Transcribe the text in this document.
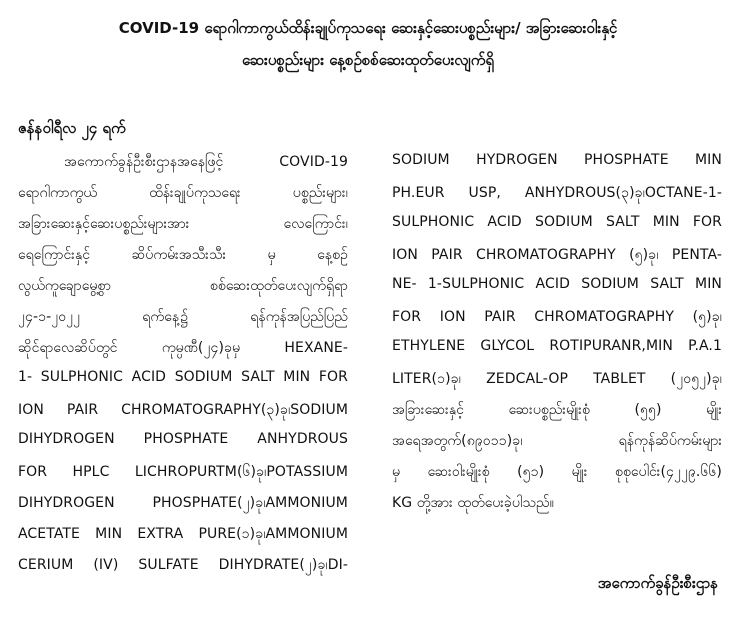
COVID-19 ရောဂါကာကွယ်ထိန်းချုပ်ကုသရေး ဆေးနှင့်ဆေးပစ္စည်းများ/ အခြားဆေးဝါးနှင့်
ဆေးပစ္စည်းများ နေ့စဉ်စစ်ဆေးထုတ်ပေးလျက်ရှိ
ဇန်နဝါရီလ ၂၄ ရက်
အကောက်ခွန်ဦးစီးဌာနအနေဖြင့် COVID-19
ရောဂါကာကွယ် ထိန်းချုပ်ကုသရေး ပစ္စည်းများ၊
အခြားဆေးနှင့်ဆေးပစ္စည်းများအား လေကြောင်း၊
ရေကြောင်းနှင့် ဆိပ်ကမ်းအသီးသီး မှ နေ့စဉ်
လွယ်ကူချောမွေ့စွာ စစ်ဆေးထုတ်ပေးလျက်ရှိရာ
၂၄-၁-၂၀၂၂ ရက်နေ့၌ ရန်ကုန်အပြည်ပြည်
ဆိုင်ရာလေဆိပ်တွင် ကုမ္ပဏီ(၂၄)ခုမှ HEXANE-
1- SULPHONIC ACID SODIUM SALT MIN FOR
ION PAIR CHROMATOGRAPHY(၃)ခု၊SODIUM
DIHYDROGEN PHOSPHATE ANHYDROUS
FOR HPLC LICHROPURTM(၆)ခု၊POTASSIUM
DIHYDROGEN PHOSPHATE(၂)ခု၊AMMONIUM
ACETATE MIN EXTRA PURE(၁)ခု၊AMMONIUM
CERIUM (IV) SULFATE DIHYDRATE(၂)ခု၊DI-
SODIUM HYDROGEN PHOSPHATE MIN
PH.EUR USP, ANHYDROUS(၃)ခု၊OCTANE-1-
SULPHONIC ACID SODIUM SALT MIN FOR
ION PAIR CHROMATOGRAPHY (၅)ခု၊ PENTA-
NE- 1-SULPHONIC ACID SODIUM SALT MIN
FOR ION PAIR CHROMATOGRAPHY (၅)ခု၊
ETHYLENE GLYCOL ROTIPURANR,MIN P.A.1
LITER(၁)ခု၊ ZEDCAL-OP TABLET (၂၀၅၂)ခု၊
အခြားဆေးနှင့် ဆေးပစ္စည်းမျိုးစုံ (၅၅) မျိုး
အရေအတွက်(၈၉၀၁၁)ခု၊ ရန်ကုန်ဆိပ်ကမ်းများ
မှ ဆေးဝါးမျိုးစုံ (၅၁) မျိုး စုစုပေါင်း(၄၂၂၉.၆၆)
KG တို့အား ထုတ်ပေးခဲ့ပါသည်။
အကောက်ခွန်ဦးစီးဌာန
